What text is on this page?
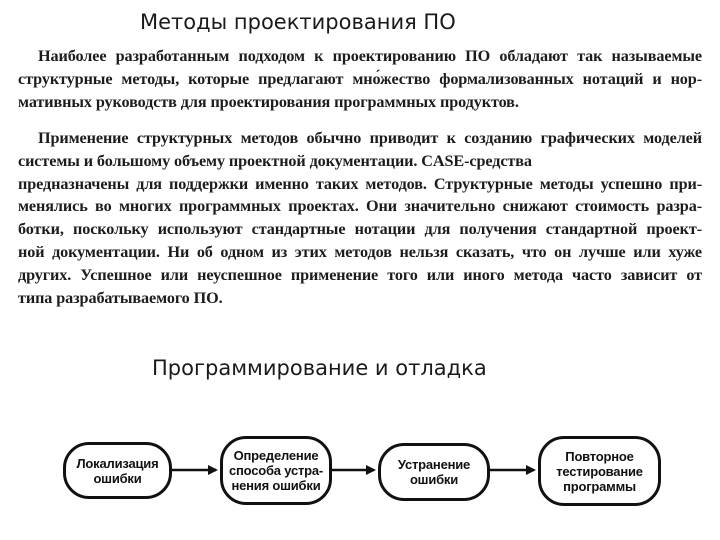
Методы проектирования ПО
Наиболее разработанным подходом к проектированию ПО обладают так называемые
структурные методы, которые предлагают мно́жество формализованных нотаций и нор-
мативных руководств для проектирования программных продуктов.
Применение структурных методов обычно приводит к созданию графических моделей
системы и большому объему проектной документации. CASE-средства
предназначены для поддержки именно таких методов. Структурные методы успешно при-
менялись во многих программных проектах. Они значительно снижают стоимость разра-
ботки, поскольку используют стандартные нотации для получения стандартной проект-
ной документации. Ни об одном из этих методов нельзя сказать, что он лучше или хуже
других. Успешное или неуспешное применение того или иного метода часто зависит от
типа разрабатываемого ПО.
Программирование и отладка
Локализация
ошибки
Определение
способа устра-
нения ошибки
Устранение
ошибки
Повторное
тестирование
программы
